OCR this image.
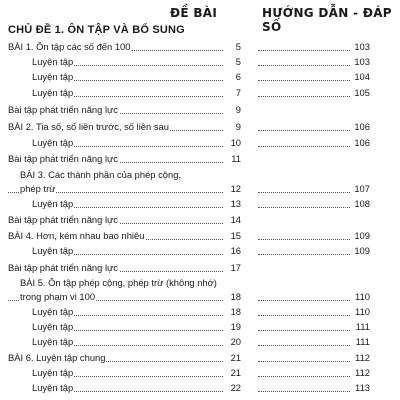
ĐỀ BÀI	HƯỚNG DẪN - ĐÁP SỐ
CHỦ ĐỀ 1. ÔN TẬP VÀ BỔ SUNG
BÀI 1. Ôn tập các số đến 100	5	103
Luyện tập	5	103
Luyện tập	6	104
Luyện tập	7	105
Bài tập phát triển năng lực	9
BÀI 2. Tia số, số liền trước, số liền sau	9	106
Luyện tập	10	106
Bài tập phát triển năng lực	11
BÀI 3. Các thành phần của phép cộng,
phép trừ	12	107
Luyện tập	13	108
Bài tập phát triển năng lực	14
BÀI 4. Hơn, kém nhau bao nhiêu	15	109
Luyện tập	16	109
Bài tập phát triển năng lực	17
BÀI 5. Ôn tập phép cộng, phép trừ (không nhớ)
trong phạm vi 100	18	110
Luyện tập	18	110
Luyện tập	19	111
Luyện tập	20	111
BÀI 6. Luyện tập chung	21	112
Luyện tập	21	112
Luyện tập	22	113
